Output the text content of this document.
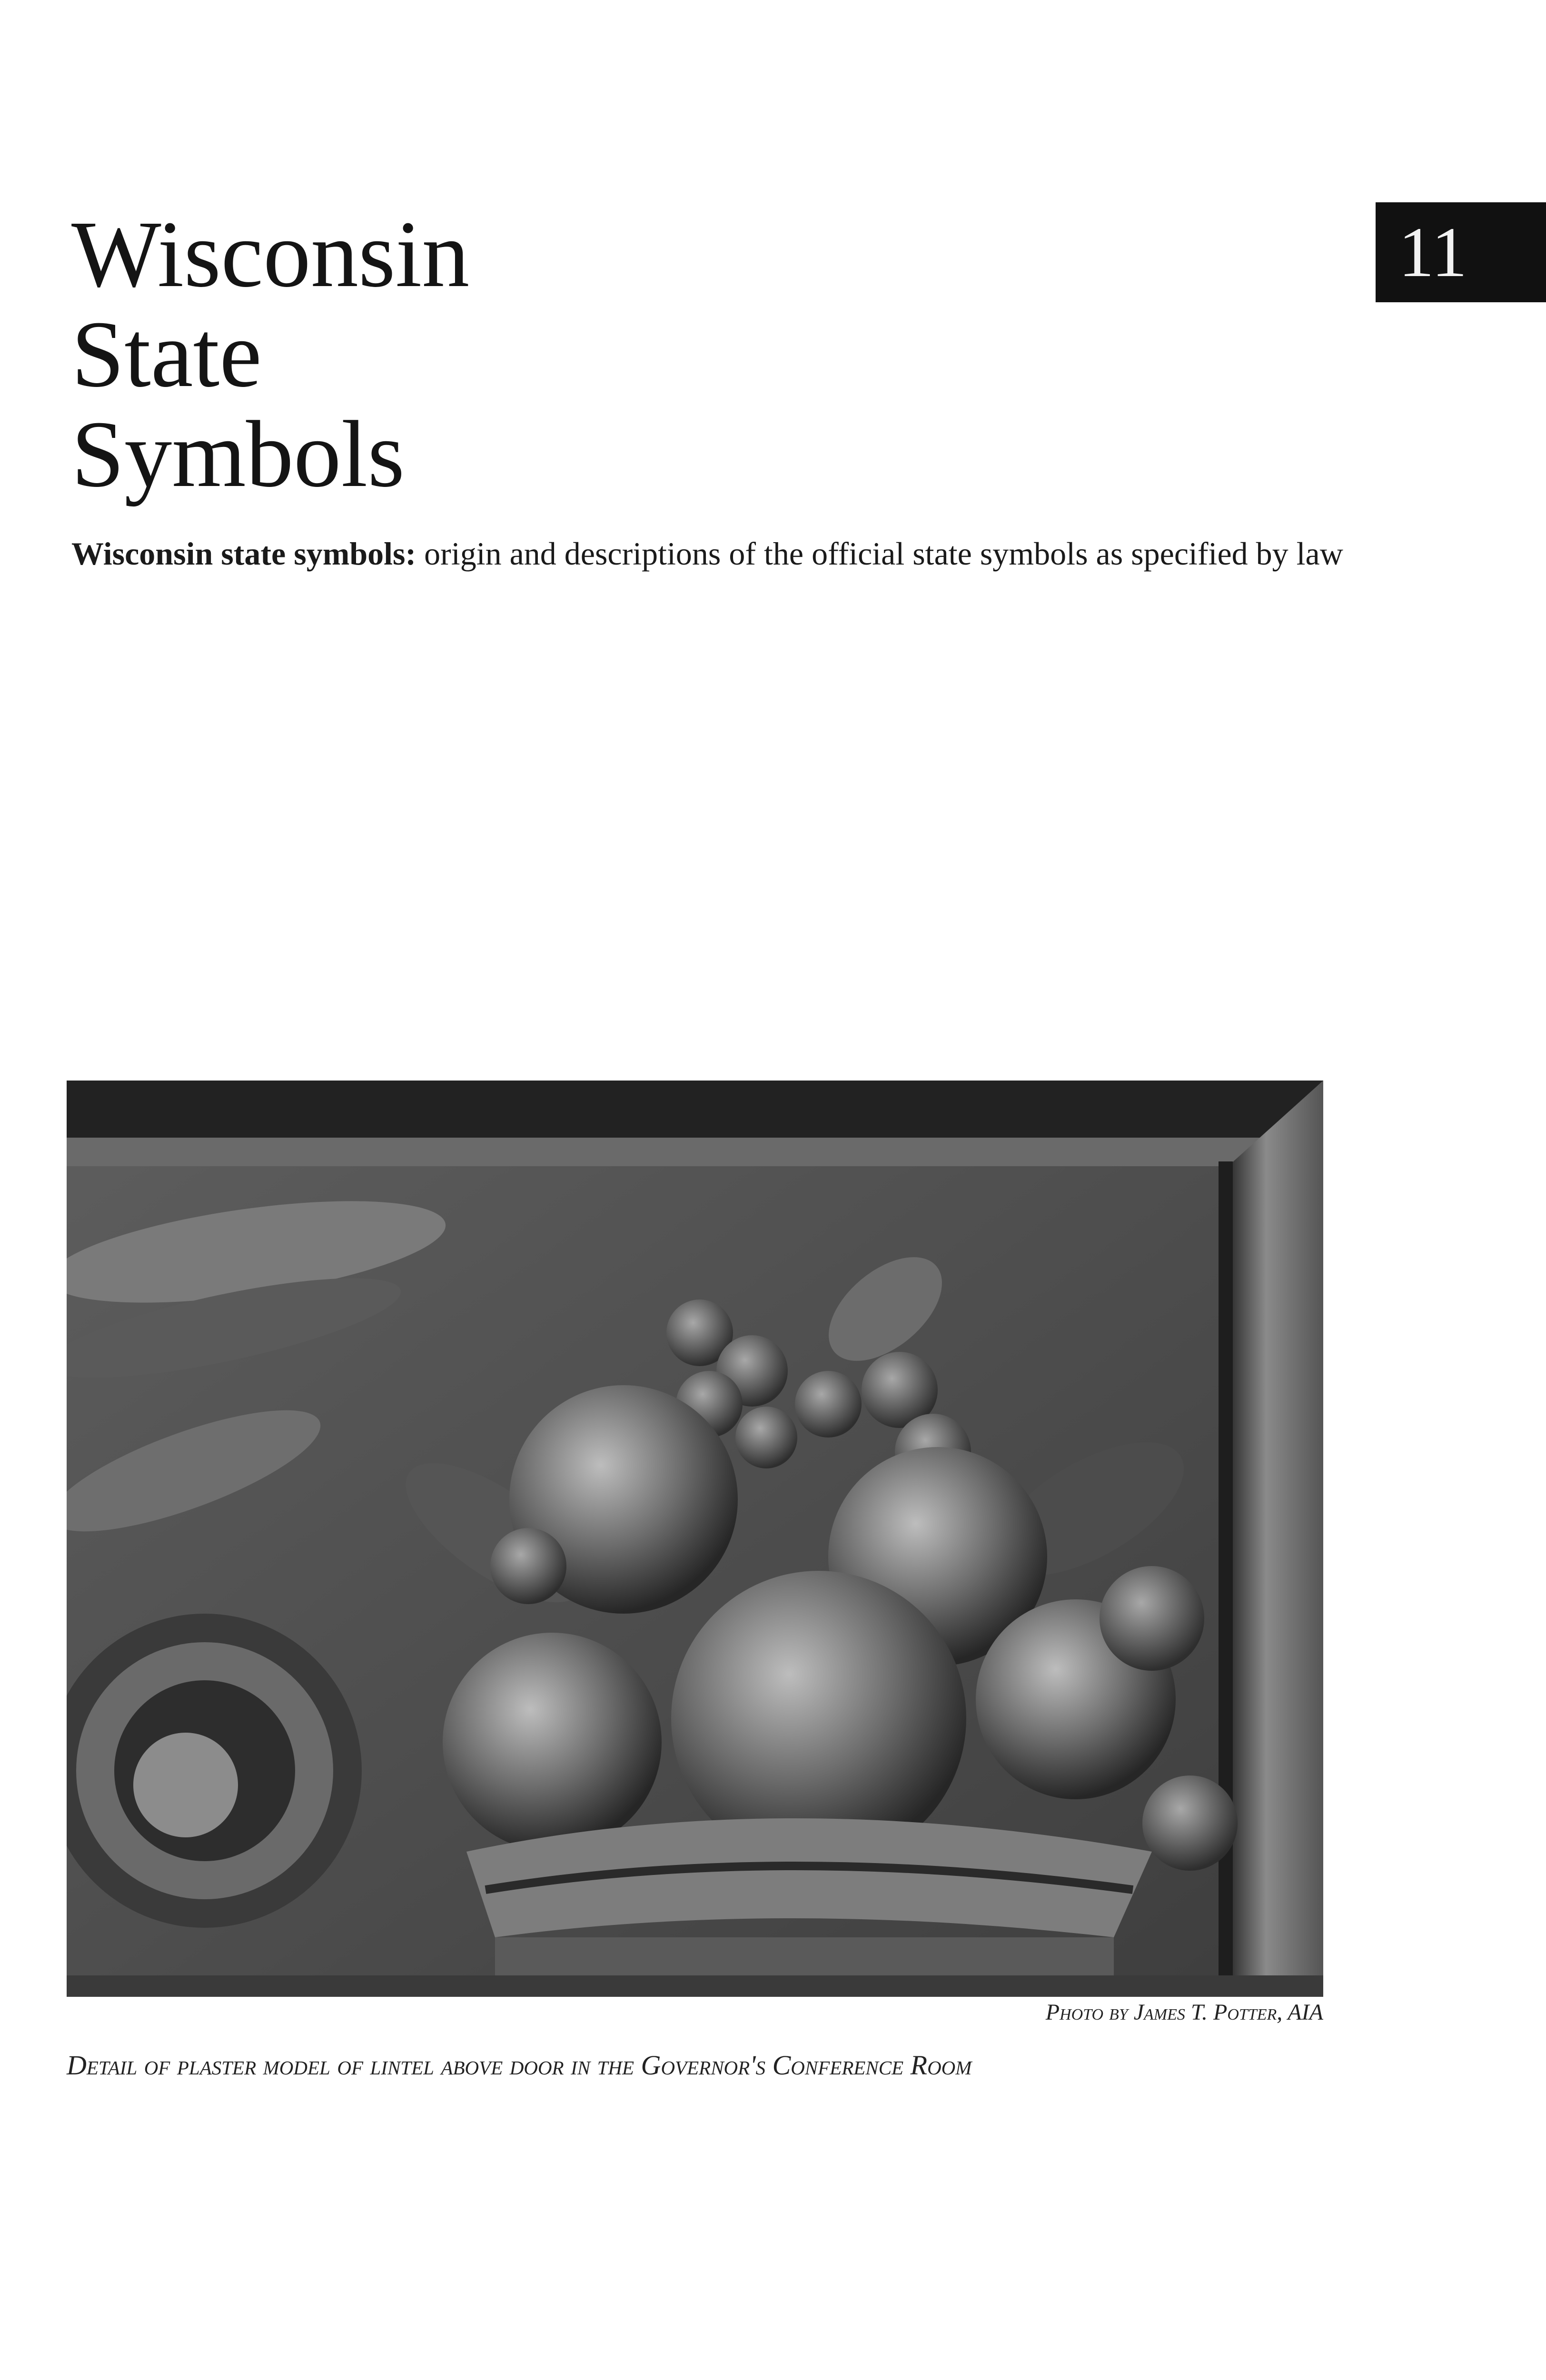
Wisconsin
State
Symbols
11
Wisconsin state symbols: origin and descriptions of the official state symbols as specified by law
Photo by James T. Potter, AIA
Detail of plaster model of lintel above door in the Governor's Conference Room
